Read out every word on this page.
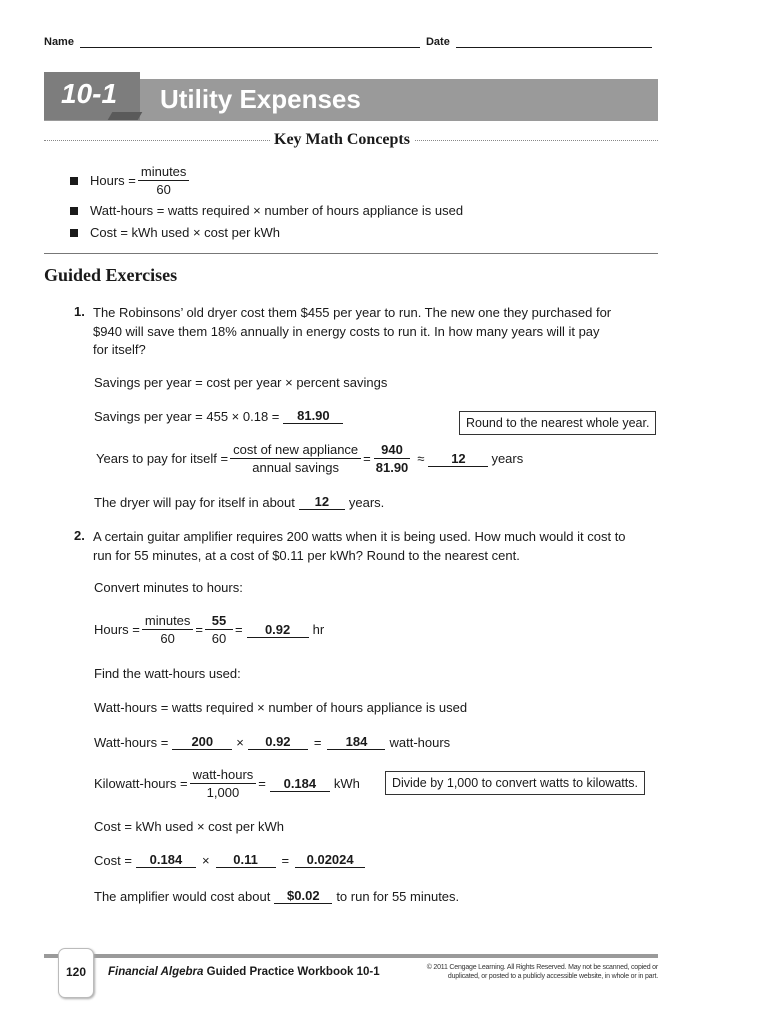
Name	Date
10-1	Utility Expenses
Key Math Concepts
Hours = $\frac{\text{minutes}}{60}$
Watt-hours = watts required × number of hours appliance is used
Cost = kWh used × cost per kWh
Guided Exercises
1. The Robinsons’ old dryer cost them $455 per year to run. The new one they purchased for $940 will save them 18% annually in energy costs to run it. In how many years will it pay for itself?
Savings per year = cost per year × percent savings
Savings per year = 455 × 0.18 =	81.90	Round to the nearest whole year.
Years to pay for itself = $\frac{\text{cost of new appliance}}{\text{annual savings}} = \frac{940}{81.90}$ ≈	12	years
The dryer will pay for itself in about	12	years.
2. A certain guitar amplifier requires 200 watts when it is being used. How much would it cost to run for 55 minutes, at a cost of $0.11 per kWh? Round to the nearest cent.
Convert minutes to hours:
Hours = $\frac{\text{minutes}}{60} = \frac{55}{60}$ =	0.92	hr
Find the watt-hours used:
Watt-hours = watts required × number of hours appliance is used
Watt-hours =	200	×	0.92	=	184	watt-hours
Kilowatt-hours = $\frac{\text{watt-hours}}{1,000}$ =	0.184	kWh	Divide by 1,000 to convert watts to kilowatts.
Cost = kWh used × cost per kWh
Cost =	0.184	×	0.11	=	0.02024
The amplifier would cost about	$0.02	to run for 55 minutes.
120	Financial Algebra Guided Practice Workbook 10-1	© 2011 Cengage Learning. All Rights Reserved. May not be scanned, copied or duplicated, or posted to a publicly accessible website, in whole or in part.
